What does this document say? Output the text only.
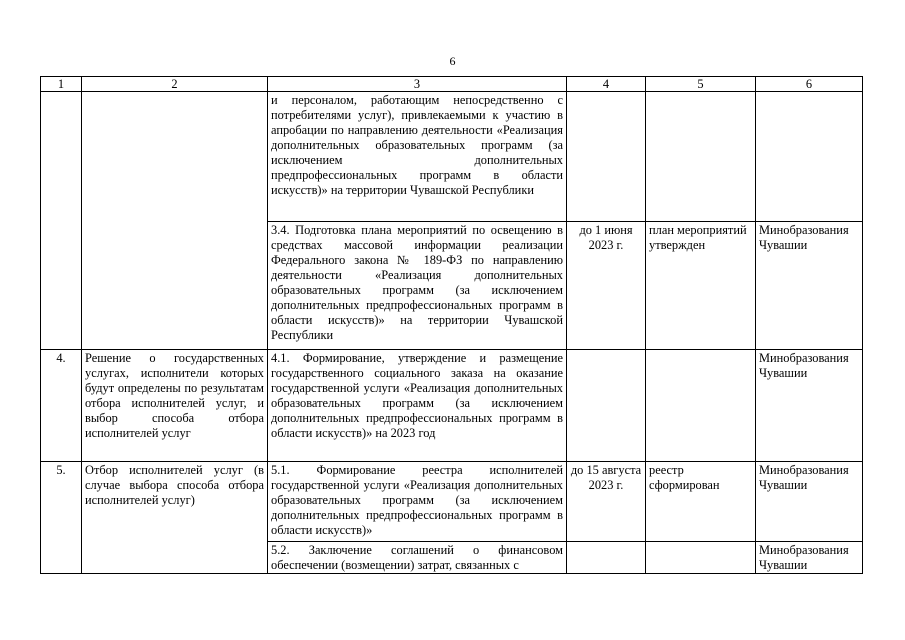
6
1	2	3	4	5	6
		и персоналом, работающим непосредственно с потребителями услуг), привлекаемыми к участию в апробации по направлению деятельности «Реализация дополнительных образовательных программ (за исключением дополнительных предпрофессиональных программ в области искусств)» на территории Чувашской Республики			
		3.4. Подготовка плана мероприятий по освещению в средствах массовой информации реализации Федерального закона № 189-ФЗ по направлению деятельности «Реализация дополнительных образовательных программ (за исключением дополнительных предпрофессиональных программ в области искусств)» на территории Чувашской Республики	до 1 июня 2023 г.	план мероприятий утвержден	Минобразования Чувашии
4.	Решение о государственных услугах, исполнители которых будут определены по результатам отбора исполнителей услуг, и выбор способа отбора исполнителей услуг	4.1. Формирование, утверждение и размещение государственного социального заказа на оказание государственной услуги «Реализация дополнительных образовательных программ (за исключением дополнительных предпрофессиональных программ в области искусств)» на 2023 год			Минобразования Чувашии
5.	Отбор исполнителей услуг (в случае выбора способа отбора исполнителей услуг)	5.1. Формирование реестра исполнителей государственной услуги «Реализация дополнительных образовательных программ (за исключением дополнительных предпрофессиональных программ в области искусств)»	до 15 августа 2023 г.	реестр сформирован	Минобразования Чувашии
		5.2. Заключение соглашений о финансовом обеспечении (возмещении) затрат, связанных с			Минобразования Чувашии
